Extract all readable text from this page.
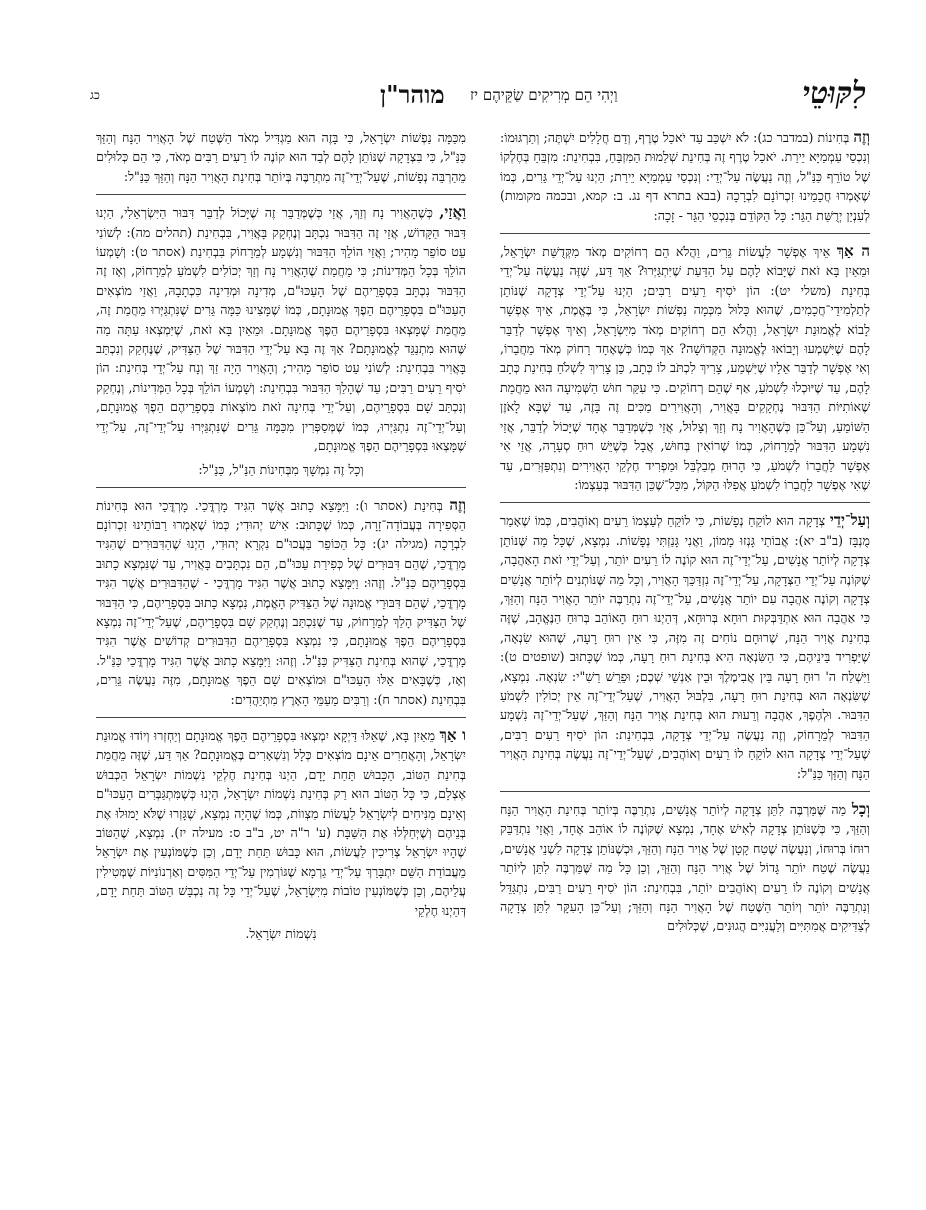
כג	מוהר"ן וַיְהִי הֵם מְרִיקִים שַׂקֵּיהֶם יז	לִקּוּטֵי

וְזֶה בְּחִינוֹת (במדבר כג): לֹא יִשְׁכַּב עַד יֹאכַל טֶרֶף, וְדַם חֲלָלִים יִשְׁתֶּה; וְתַרְגּוּמוֹ: וְנִכְסֵי עַמְמַיָּא יֵירַת. יֹאכַל טֶרֶף זֶה בְּחִינַת שְׁלֵמוּת הַמִּזְבֵּחַ, בִּבְחִינַת: מִזְבֵּחַ בְּחֶלְקוֹ שֶׁל טוֹרֵף כַּנַּ"ל, וְזֶה נַעֲשֶׂה עַל־יְדֵי: וְנִכְסֵי עַמְמַיָּא יֵירַת; הַיְנוּ עַל־יְדֵי גֵּרִים, כְּמוֹ שֶׁאָמְרוּ חֲכָמֵינוּ זִכְרוֹנָם לִבְרָכָה (בבא בתרא דף נג. ב: קמא, ובכמה מקומות) לְעִנְיַן יְרֻשַּׁת הַגֵּר: כָּל הַקּוֹדֵם בְּנִכְסֵי הַגֵּר - זָכָה:

ה אַךְ אֵיךְ אֶפְשָׁר לַעֲשׂוֹת גֵּרִים, וַהֲלֹא הֵם רְחוֹקִים מְאֹד מִקְּדֻשַּׁת יִשְׂרָאֵל, וּמֵאַיִן בָּא זֹאת שֶׁיָּבוֹא לָהֶם עַל הַדַּעַת שֶׁיִּתְגַּיְּרוּ? אַךְ דַּע, שֶׁזֶּה נַעֲשֶׂה עַל־יְדֵי בְּחִינַת (משלי יט): הוֹן יֹסִיף רֵעִים רַבִּים; הַיְנוּ עַל־יְדֵי צְדָקָה שֶׁנּוֹתֵן לְתַלְמִידֵי־חֲכָמִים, שֶׁהוּא כָּלוּל מִכְּמָה נַפְשׁוֹת יִשְׂרָאֵל, כִּי בֶּאֱמֶת, אֵיךְ אֶפְשָׁר לָבוֹא לֶאֱמוּנַת יִשְׂרָאֵל, וַהֲלֹא הֵם רְחוֹקִים מְאֹד מִיִּשְׂרָאֵל, וְאֵיךְ אֶפְשָׁר לְדַבֵּר לָהֶם שֶׁיִּשְׁמְעוּ וְיָבוֹאוּ לֶאֱמוּנָה הַקְּדוֹשָׁה? אַךְ כְּמוֹ כְּשֶׁאֶחָד רָחוֹק מְאֹד מֵחֲבֵרוֹ, וְאִי אֶפְשָׁר לְדַבֵּר אֵלָיו שֶׁיִּשְׁמַע, צָרִיךְ לִכְתֹּב לוֹ כְּתָב, כֵּן צָרִיךְ לִשְׁלֹחַ בְּחִינַת כְּתָב לָהֶם, עַד שֶׁיּוּכְלוּ לִשְׁמֹעַ, אַף שֶׁהֵם רְחוֹקִים. כִּי עִקַּר חוּשׁ הַשְּׁמִיעָה הוּא מֵחֲמַת שֶׁאוֹתִיּוֹת הַדִּבּוּר נֶחְקָקִים בָּאֲוִיר, וְהָאֲוִירִים מַכִּים זֶה בָּזֶה, עַד שֶׁבָּא לָאֹזֶן הַשּׁוֹמֵעַ, וְעַל־כֵּן כְּשֶׁהָאֲוִיר נָח וְזַךְ וְצָלוּל, אֲזַי כְּשֶׁמְּדַבֵּר אֶחָד שֶׁיָּכוֹל לְדַבֵּר, אֲזַי נִשְׁמָע הַדִּבּוּר לְמֵרָחוֹק, כְּמוֹ שֶׁרוֹאִין בְּחוּשׁ, אֲבָל כְּשֶׁיֵּשׁ רוּחַ סְעָרָה, אֲזַי אִי אֶפְשָׁר לַחֲבֵרוֹ לִשְׁמֹעַ, כִּי הָרוּחַ מְבַלְבֵּל וּמַפְרִיד חֶלְקֵי הָאֲוִירִים וְנִתְפַּזְּרִים, עַד שֶׁאִי אֶפְשָׁר לַחֲבֵרוֹ לִשְׁמֹעַ אֲפִלּוּ הַקּוֹל, מִכָּל־שֶׁכֵּן הַדִּבּוּר בְּעַצְמוֹ:

וְעַל־יְדֵי צְדָקָה הוּא לוֹקֵחַ נְפָשׁוֹת, כִּי לוֹקֵחַ לְעַצְמוֹ רֵעִים וְאוֹהֲבִים, כְּמוֹ שֶׁאָמַר מֻנְבָּז (ב"ב יא): אֲבוֹתַי גָּנְזוּ מָמוֹן, וַאֲנִי גָּנַזְתִּי נְפָשׁוֹת. נִמְצָא, שֶׁכָּל מַה שֶּׁנּוֹתֵן צְדָקָה לְיוֹתֵר אֲנָשִׁים, עַל־יְדֵי־זֶה הוּא קוֹנֶה לוֹ רֵעִים יוֹתֵר, וְעַל־יְדֵי זֹאת הָאַהֲבָה, שֶׁקּוֹנֶה עַל־יְדֵי הַצְּדָקָה, עַל־יְדֵי־זֶה נִזְדַּכֵּךְ הָאֲוִיר, וְכָל מַה שֶּׁנּוֹתְנִים לְיוֹתֵר אֲנָשִׁים צְדָקָה וְקוֹנֶה אַהֲבָה עִם יוֹתֵר אֲנָשִׁים, עַל־יְדֵי־זֶה נִתְרַבֶּה יוֹתֵר הָאֲוִיר הַנָּח וְהַזַּךְ, כִּי אַהֲבָה הוּא אִתְדַּבְּקוּת רוּחָא בְּרוּחָא, דְּהַיְנוּ רוּחַ הָאוֹהֵב בְּרוּחַ הַנֶּאֱהָב, שֶׁזֶּה בְּחִינַת אֲוִיר הַנָּח, שֶׁרוּחָם נוֹחִים זֶה מִזֶּה, כִּי אֵין רוּחַ רָעָה, שֶׁהוּא שִׂנְאָה, שֶׁיַּפְרִיד בֵּינֵיהֶם, כִּי הַשִּׂנְאָה הִיא בְּחִינַת רוּחַ רָעָה, כְּמוֹ שֶׁכָּתוּב (שופטים ט): וַיִּשְׁלַח ה' רוּחַ רָעָה בֵּין אֲבִימֶלֶךְ וּבֵין אַנְשֵׁי שְׁכֶם; וּפֵרֵשׁ רַשִׁ"י: שִׂנְאָה. נִמְצָא, שֶׁשִּׂנְאָה הוּא בְּחִינַת רוּחַ רָעָה, בִּלְבּוּל הָאֲוִיר, שֶׁעַל־יְדֵי־זֶה אֵין יְכוֹלִין לִשְׁמֹעַ הַדִּבּוּר. וּלְהֶפֶךְ, אַהֲבָה וְרֵעוּת הוּא בְּחִינַת אֲוִיר הַנָּח וְהַזַּךְ, שֶׁעַל־יְדֵי־זֶה נִשְׁמָע הַדִּבּוּר לְמֵרָחוֹק, וְזֶה נַעֲשֶׂה עַל־יְדֵי צְדָקָה, בִּבְחִינַת: הוֹן יֹסִיף רֵעִים רַבִּים, שֶׁעַל־יְדֵי צְדָקָה הוּא לוֹקֵחַ לוֹ רֵעִים וְאוֹהֲבִים, שֶׁעַל־יְדֵי־זֶה נַעֲשֶׂה בְּחִינַת הָאֲוִיר הַנָּח וְהַזַּךְ כַּנַּ"ל:

וְכָל מַה שֶּׁמַּרְבֶּה לִתֵּן צְדָקָה לְיוֹתֵר אֲנָשִׁים, נִתְרַבֶּה בְּיוֹתֵר בְּחִינַת הָאֲוִיר הַנָּח וְהַזַּךְ, כִּי כְּשֶׁנּוֹתֵן צְדָקָה לְאִישׁ אֶחָד, נִמְצָא שֶׁקּוֹנֶה לוֹ אוֹהֵב אֶחָד, וַאֲזַי נִתְדַּבֵּק רוּחוֹ בְּרוּחוֹ, וְנַעֲשֶׂה שֶׁטַח קָטָן שֶׁל אֲוִיר הַנָּח וְהַזַּךְ, וּכְשֶׁנּוֹתֵן צְדָקָה לִשְׁנֵי אֲנָשִׁים, נַעֲשֶׂה שֶׁטַח יוֹתֵר גָּדוֹל שֶׁל אֲוִיר הַנָּח וְהַזַּךְ, וְכֵן כָּל מַה שֶּׁמַּרְבֶּה לִתֵּן לְיוֹתֵר אֲנָשִׁים וְקוֹנֶה לוֹ רֵעִים וְאוֹהֲבִים יוֹתֵר, בִּבְחִינַת: הוֹן יֹסִיף רֵעִים רַבִּים, נִתְגַּדֵּל וְנִתְרַבֶּה יוֹתֵר וְיוֹתֵר הַשֶּׁטַח שֶׁל הָאֲוִיר הַנָּח וְהַזַּךְ; וְעַל־כֵּן הָעִקָּר לִתֵּן צְדָקָה לְצַדִּיקִים אֲמִתִּיִּים וְלַעֲנִיִּים הֲגוּנִים, שֶׁכְּלוּלִים

מִכַּמָּה נַפְשׁוֹת יִשְׂרָאֵל, כִּי בָּזֶה הוּא מַגְדִּיל מְאֹד הַשֶּׁטַח שֶׁל הָאֲוִיר הַנָּח וְהַזַּךְ כַּנַּ"ל, כִּי בִּצְדָקָה שֶׁנּוֹתֵן לָהֶם לְבַד הוּא קוֹנֶה לוֹ רֵעִים רַבִּים מְאֹד, כִּי הֵם כְּלוּלִים מֵהַרְבֵּה נְפָשׁוֹת, שֶׁעַל־יְדֵי־זֶה מִתְרַבֶּה בְּיוֹתֵר בְּחִינַת הָאֲוִיר הַנָּח וְהַזַּךְ כַּנַּ"ל:

וַאֲזַי, כְּשֶׁהָאֲוִיר נָח וְזַךְ, אֲזַי כְּשֶׁמְּדַבֵּר זֶה שֶׁיָּכוֹל לְדַבֵּר דִּבּוּר הַיִּשְׂרְאֵלִי, הַיְנוּ דִּבּוּר הַקָּדוֹשׁ, אֲזַי זֶה הַדִּבּוּר נִכְתָּב וְנֶחְקָק בָּאֲוִיר, בִּבְחִינַת (תהלים מה): לְשׁוֹנִי עֵט סוֹפֵר מָהִיר; וַאֲזַי הוֹלֵךְ הַדִּבּוּר וְנִשְׁמָע לְמֵרָחוֹק בִּבְחִינַת (אסתר ט): וְשָׁמְעוֹ הוֹלֵךְ בְּכָל הַמְּדִינוֹת; כִּי מֵחֲמַת שֶׁהָאֲוִיר נָח וְזַךְ יְכוֹלִים לִשְׁמֹעַ לְמֵרָחוֹק, וְאָז זֶה הַדִּבּוּר נִכְתָּב בִּסְפָרֵיהֶם שֶׁל הָעַכּוּ"ם, מְדִינָה וּמְדִינָה כִּכְתָבָהּ, וַאֲזַי מוֹצְאִים הָעַכּוּ"ם בִּסְפָרֵיהֶם הֵפֶךְ אֱמוּנָתָם, כְּמוֹ שֶׁמָּצִינוּ כַּמָּה גֵּרִים שֶׁנִּתְגַּיְּרוּ מֵחֲמַת זֶה, מֵחֲמַת שֶׁמָּצְאוּ בִּסְפָרֵיהֶם הֵפֶךְ אֱמוּנָתָם. וּמֵאַיִן בָּא זֹאת, שֶׁיִּמְצְאוּ עַתָּה מַה שֶּׁהוּא מִתְנַגֵּד לֶאֱמוּנָתָם? אַךְ זֶה בָּא עַל־יְדֵי הַדִּבּוּר שֶׁל הַצַּדִּיק, שֶׁנֶּחְקַק וְנִכְתַּב בָּאֲוִיר בִּבְחִינַת: לְשׁוֹנִי עֵט סוֹפֵר מָהִיר; וְהָאֲוִיר הָיָה זַךְ וְנָח עַל־יְדֵי בְּחִינַת: הוֹן יֹסִיף רֵעִים רַבִּים; עַד שֶׁהָלַךְ הַדִּבּוּר בִּבְחִינַת: וְשָׁמְעוֹ הוֹלֵךְ בְּכָל הַמְּדִינוֹת, וְנֶחְקַק וְנִכְתַּב שָׁם בִּסְפָרֵיהֶם, וְעַל־יְדֵי בְּחִינָה זֹאת מוֹצְאוֹת בִּסְפָרֵיהֶם הֵפֶךְ אֱמוּנָתָם, וְעַל־יְדֵי־זֶה נִתְגַּיְּרוּ, כְּמוֹ שֶׁמְּסַפְּרִין מִכַּמָּה גֵּרִים שֶׁנִּתְגַּיְּרוּ עַל־יְדֵי־זֶה, עַל־יְדֵי שֶׁמָּצְאוּ בִּסְפָרֵיהֶם הֵפֶךְ אֱמוּנָתָם,

וְכָל זֶה נִמְשָׁךְ מִבְּחִינוֹת הַנַּ"ל, כַּנַּ"ל:

וְזֶה בְּחִינַת (אסתר ו): וַיִּמָּצֵא כָתוּב אֲשֶׁר הִגִּיד מָרְדֳּכַי. מָרְדֳּכַי הוּא בְּחִינוֹת הַסְּפִירָה בְּעֲבוֹדָה־זָרָה, כְּמוֹ שֶׁכָּתוּב: אִישׁ יְהוּדִי; כְּמוֹ שֶׁאָמְרוּ רַבּוֹתֵינוּ זִכְרוֹנָם לִבְרָכָה (מגילה יג): כָּל הַכּוֹפֵר בַּעֲכוּ"ם נִקְרָא יְהוּדִי, הַיְנוּ שֶׁהַדִּבּוּרִים שֶׁהִגִּיד מָרְדֳּכַי, שֶׁהֵם דִּבּוּרִים שֶׁל כְּפִירַת עַכּוּ"ם, הֵם נִכְתָּבִים בָּאֲוִיר, עַד שֶׁנִּמְצָא כָתוּב בִּסְפָרֵיהֶם כַּנַּ"ל. וְזֶהוּ: וַיִּמָּצֵא כָתוּב אֲשֶׁר הִגִּיד מָרְדֳּכַי - שֶׁהַדִּבּוּרִים אֲשֶׁר הִגִּיד מָרְדֳּכַי, שֶׁהֵם דִּבּוּרֵי אֱמוּנָה שֶׁל הַצַּדִּיק הָאֱמֶת, נִמְצָא כָתוּב בִּסְפָרֵיהֶם, כִּי הַדִּבּוּר שֶׁל הַצַּדִּיק הָלַךְ לְמֵרָחוֹק, עַד שֶׁנִּכְתַּב וְנֶחְקַק שָׁם בִּסְפָרֵיהֶם, שֶׁעַל־יְדֵי־זֶה נִמְצָא בִּסְפָרֵיהֶם הֵפֶךְ אֱמוּנָתָם, כִּי נִמְצָא בִּסְפָרֵיהֶם הַדִּבּוּרִים קְדוֹשִׁים אֲשֶׁר הִגִּיד מָרְדֳּכַי, שֶׁהוּא בְּחִינַת הַצַּדִּיק כַּנַּ"ל. וְזֶהוּ: וַיִּמָּצֵא כָתוּב אֲשֶׁר הִגִּיד מָרְדֳּכַי כַּנַּ"ל. וְאָז, כְּשֶׁבָּאִים אֵלּוּ הָעַכּוּ"ם וּמוֹצְאִים שָׁם הֵפֶךְ אֱמוּנָתָם, מִזֶּה נַעֲשֶׂה גֵּרִים, בִּבְחִינַת (אסתר ח): וְרַבִּים מֵעַמֵּי הָאָרֶץ מִתְיַהֲדִים:

ו אַךְ מֵאַיִן בָּא, שֶׁאֵלּוּ דַּיְקָא יִמְצְאוּ בִּסְפָרֵיהֶם הֵפֶךְ אֱמוּנָתָם וְיַחְזְרוּ וְיוֹדוּ אֱמוּנַת יִשְׂרָאֵל, וְהָאֲחֵרִים אֵינָם מוֹצְאִים כְּלָל וְנִשְׁאָרִים בֶּאֱמוּנָתָם? אַךְ דַּע, שֶׁזֶּה מֵחֲמַת בְּחִינַת הַטּוֹב, הַכָּבוּשׁ תַּחַת יָדָם, הַיְנוּ בְּחִינַת חֶלְקֵי נִשְׁמוֹת יִשְׂרָאֵל הַכְּבוּשׁ אֶצְלָם, כִּי כָּל הַטּוֹב הוּא רַק בְּחִינַת נִשְׁמוֹת יִשְׂרָאֵל, הַיְנוּ כְּשֶׁמִּתְגַּבְּרִים הָעַכּוּ"ם וְאֵינָם מַנִּיחִים לְיִשְׂרָאֵל לַעֲשׂוֹת מִצְווֹת, כְּמוֹ שֶׁהָיָה נִמְצָא, שֶׁגָּזְרוּ שֶׁלֹּא יָמוּלוּ אֶת בְּנֵיהֶם וְשֶׁיְּחַלְּלוּ אֶת הַשַּׁבָּת (ע' ר"ה יט, ב"ב ס: מעילה יז). נִמְצָא, שֶׁהַטּוֹב שֶׁהָיוּ יִשְׂרָאֵל צְרִיכִין לַעֲשׂוֹת, הוּא כָּבוּשׁ תַּחַת יָדָם, וְכֵן כְּשֶׁמּוֹנְעִין אֶת יִשְׂרָאֵל מֵעֲבוֹדַת הַשֵּׁם יִתְבָּרַךְ עַל־יְדֵי גַרְמָא שֶׁגּוֹרְמִין עַל־יְדֵי הַמִּסִּים וְאַרְנוֹנִיּוֹת שֶׁמְּטִילִין עֲלֵיהֶם, וְכֵן כְּשֶׁמּוֹנְעִין טוֹבוֹת מִיִּשְׂרָאֵל, שֶׁעַל־יְדֵי כָּל זֶה נִכְבָּשׁ הַטּוֹב תַּחַת יָדָם, דְּהַיְנוּ חֶלְקֵי

נִשְׁמוֹת יִשְׂרָאֵל.
